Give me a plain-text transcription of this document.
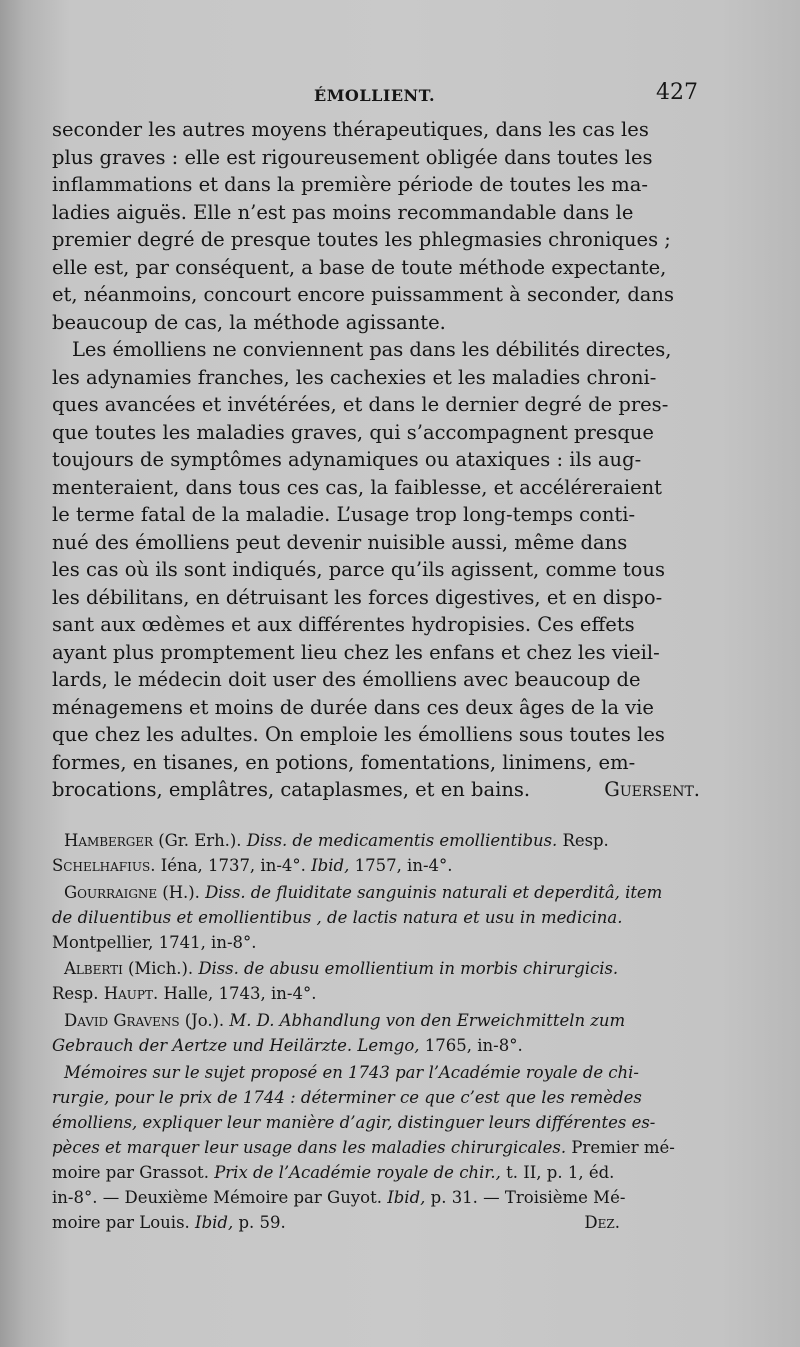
ÉMOLLIENT.	427
seconder les autres moyens thérapeutiques, dans les cas les
plus graves : elle est rigoureusement obligée dans toutes les
inflammations et dans la première période de toutes les ma-
ladies aiguës. Elle n’est pas moins recommandable dans le
premier degré de presque toutes les phlegmasies chroniques ;
elle est, par conséquent, a base de toute méthode expectante,
et, néanmoins, concourt encore puissamment à seconder, dans
beaucoup de cas, la méthode agissante.
Les émolliens ne conviennent pas dans les débilités directes,
les adynamies franches, les cachexies et les maladies chroni-
ques avancées et invétérées, et dans le dernier degré de pres-
que toutes les maladies graves, qui s’accompagnent presque
toujours de symptômes adynamiques ou ataxiques : ils aug-
menteraient, dans tous ces cas, la faiblesse, et accéléreraient
le terme fatal de la maladie. L’usage trop long-temps conti-
nué des émolliens peut devenir nuisible aussi, même dans
les cas où ils sont indiqués, parce qu’ils agissent, comme tous
les débilitans, en détruisant les forces digestives, et en dispo-
sant aux œdèmes et aux différentes hydropisies. Ces effets
ayant plus promptement lieu chez les enfans et chez les vieil-
lards, le médecin doit user des émolliens avec beaucoup de
ménagemens et moins de durée dans ces deux âges de la vie
que chez les adultes. On emploie les émolliens sous toutes les
formes, en tisanes, en potions, fomentations, linimens, em-
brocations, emplâtres, cataplasmes, et en bains.	Guersent.
Hamberger (Gr. Erh.). Diss. de medicamentis emollientibus. Resp.
Schelhafius. Iéna, 1737, in-4°. Ibid, 1757, in-4°.
Gourraigne (H.). Diss. de fluiditate sanguinis naturali et deperditâ, item
de diluentibus et emollientibus , de lactis natura et usu in medicina.
Montpellier, 1741, in-8°.
Alberti (Mich.). Diss. de abusu emollientium in morbis chirurgicis.
Resp. Haupt. Halle, 1743, in-4°.
David Gravens (Jo.). M. D. Abhandlung von den Erweichmitteln zum
Gebrauch der Aertze und Heilärzte. Lemgo, 1765, in-8°.
Mémoires sur le sujet proposé en 1743 par l’Académie royale de chi-
rurgie, pour le prix de 1744 : déterminer ce que c’est que les remèdes
émolliens, expliquer leur manière d’agir, distinguer leurs différentes es-
pèces et marquer leur usage dans les maladies chirurgicales. Premier mé-
moire par Grassot. Prix de l’Académie royale de chir., t. II, p. 1, éd.
in-8°. — Deuxième Mémoire par Guyot. Ibid, p. 31. — Troisième Mé-
moire par Louis. Ibid, p. 59.	Dez.
